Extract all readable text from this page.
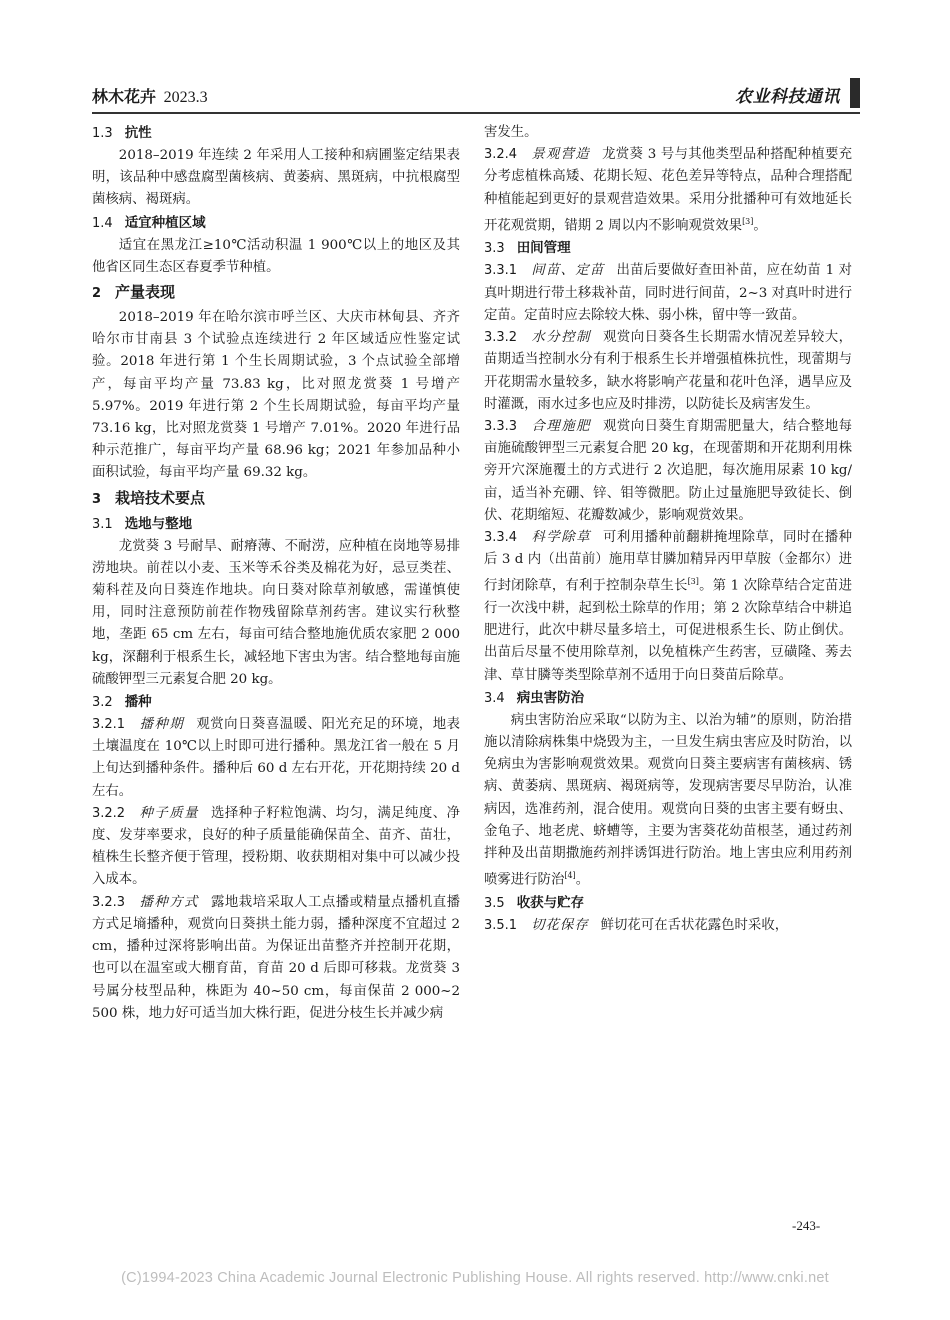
林木花卉 2023.3	农业科技通讯
1.3 抗性
2018–2019 年连续 2 年采用人工接种和病圃鉴定结果表明，该品种中感盘腐型菌核病、黄萎病、黑斑病，中抗根腐型菌核病、褐斑病。
1.4 适宜种植区域
适宜在黑龙江≥10℃活动积温 1 900℃以上的地区及其他省区同生态区春夏季节种植。
2 产量表现
2018–2019 年在哈尔滨市呼兰区、大庆市林甸县、齐齐哈尔市甘南县 3 个试验点连续进行 2 年区域适应性鉴定试验。2018 年进行第 1 个生长周期试验，3 个点试验全部增产，每亩平均产量 73.83 kg，比对照龙赏葵 1 号增产 5.97%。2019 年进行第 2 个生长周期试验，每亩平均产量 73.16 kg，比对照龙赏葵 1 号增产 7.01%。2020 年进行品种示范推广，每亩平均产量 68.96 kg；2021 年参加品种小面积试验，每亩平均产量 69.32 kg。
3 栽培技术要点
3.1 选地与整地
龙赏葵 3 号耐旱、耐瘠薄、不耐涝，应种植在岗地等易排涝地块。前茬以小麦、玉米等禾谷类及棉花为好，忌豆类茬、菊科茬及向日葵连作地块。向日葵对除草剂敏感，需谨慎使用，同时注意预防前茬作物残留除草剂药害。建议实行秋整地，垄距 65 cm 左右，每亩可结合整地施优质农家肥 2 000 kg，深翻利于根系生长，减轻地下害虫为害。结合整地每亩施硫酸钾型三元素复合肥 20 kg。
3.2 播种
3.2.1 播种期 观赏向日葵喜温暖、阳光充足的环境，地表土壤温度在 10℃以上时即可进行播种。黑龙江省一般在 5 月上旬达到播种条件。播种后 60 d 左右开花，开花期持续 20 d 左右。
3.2.2 种子质量 选择种子籽粒饱满、均匀，满足纯度、净度、发芽率要求，良好的种子质量能确保苗全、苗齐、苗壮，植株生长整齐便于管理，授粉期、收获期相对集中可以减少投入成本。
3.2.3 播种方式 露地栽培采取人工点播或精量点播机直播方式足墒播种，观赏向日葵拱土能力弱，播种深度不宜超过 2 cm，播种过深将影响出苗。为保证出苗整齐并控制开花期，也可以在温室或大棚育苗，育苗 20 d 后即可移栽。龙赏葵 3 号属分枝型品种，株距为 40~50 cm，每亩保苗 2 000~2 500 株，地力好可适当加大株行距，促进分枝生长并减少病
害发生。
3.2.4 景观营造 龙赏葵 3 号与其他类型品种搭配种植要充分考虑植株高矮、花期长短、花色差异等特点，品种合理搭配种植能起到更好的景观营造效果。采用分批播种可有效地延长开花观赏期，错期 2 周以内不影响观赏效果[3]。
3.3 田间管理
3.3.1 间苗、定苗 出苗后要做好查田补苗，应在幼苗 1 对真叶期进行带土移栽补苗，同时进行间苗，2~3 对真叶时进行定苗。定苗时应去除较大株、弱小株，留中等一致苗。
3.3.2 水分控制 观赏向日葵各生长期需水情况差异较大，苗期适当控制水分有利于根系生长并增强植株抗性，现蕾期与开花期需水量较多，缺水将影响产花量和花叶色泽，遇旱应及时灌溉，雨水过多也应及时排涝，以防徒长及病害发生。
3.3.3 合理施肥 观赏向日葵生育期需肥量大，结合整地每亩施硫酸钾型三元素复合肥 20 kg，在现蕾期和开花期利用株旁开穴深施覆土的方式进行 2 次追肥，每次施用尿素 10 kg/亩，适当补充硼、锌、钼等微肥。防止过量施肥导致徒长、倒伏、花期缩短、花瓣数减少，影响观赏效果。
3.3.4 科学除草 可利用播种前翻耕掩埋除草，同时在播种后 3 d 内（出苗前）施用草甘膦加精异丙甲草胺（金都尔）进行封闭除草，有利于控制杂草生长[3]。第 1 次除草结合定苗进行一次浅中耕，起到松土除草的作用；第 2 次除草结合中耕追肥进行，此次中耕尽量多培土，可促进根系生长、防止倒伏。出苗后尽量不使用除草剂，以免植株产生药害，豆磺隆、莠去津、草甘膦等类型除草剂不适用于向日葵苗后除草。
3.4 病虫害防治
病虫害防治应采取“以防为主、以治为辅”的原则，防治措施以清除病株集中烧毁为主，一旦发生病虫害应及时防治，以免病虫为害影响观赏效果。观赏向日葵主要病害有菌核病、锈病、黄萎病、黑斑病、褐斑病等，发现病害要尽早防治，认准病因，选准药剂，混合使用。观赏向日葵的虫害主要有蚜虫、金龟子、地老虎、蛴螬等，主要为害葵花幼苗根茎，通过药剂拌种及出苗期撒施药剂拌诱饵进行防治。地上害虫应利用药剂喷雾进行防治[4]。
3.5 收获与贮存
3.5.1 切花保存 鲜切花可在舌状花露色时采收，
-243-
(C)1994-2023 China Academic Journal Electronic Publishing House. All rights reserved. http://www.cnki.net
